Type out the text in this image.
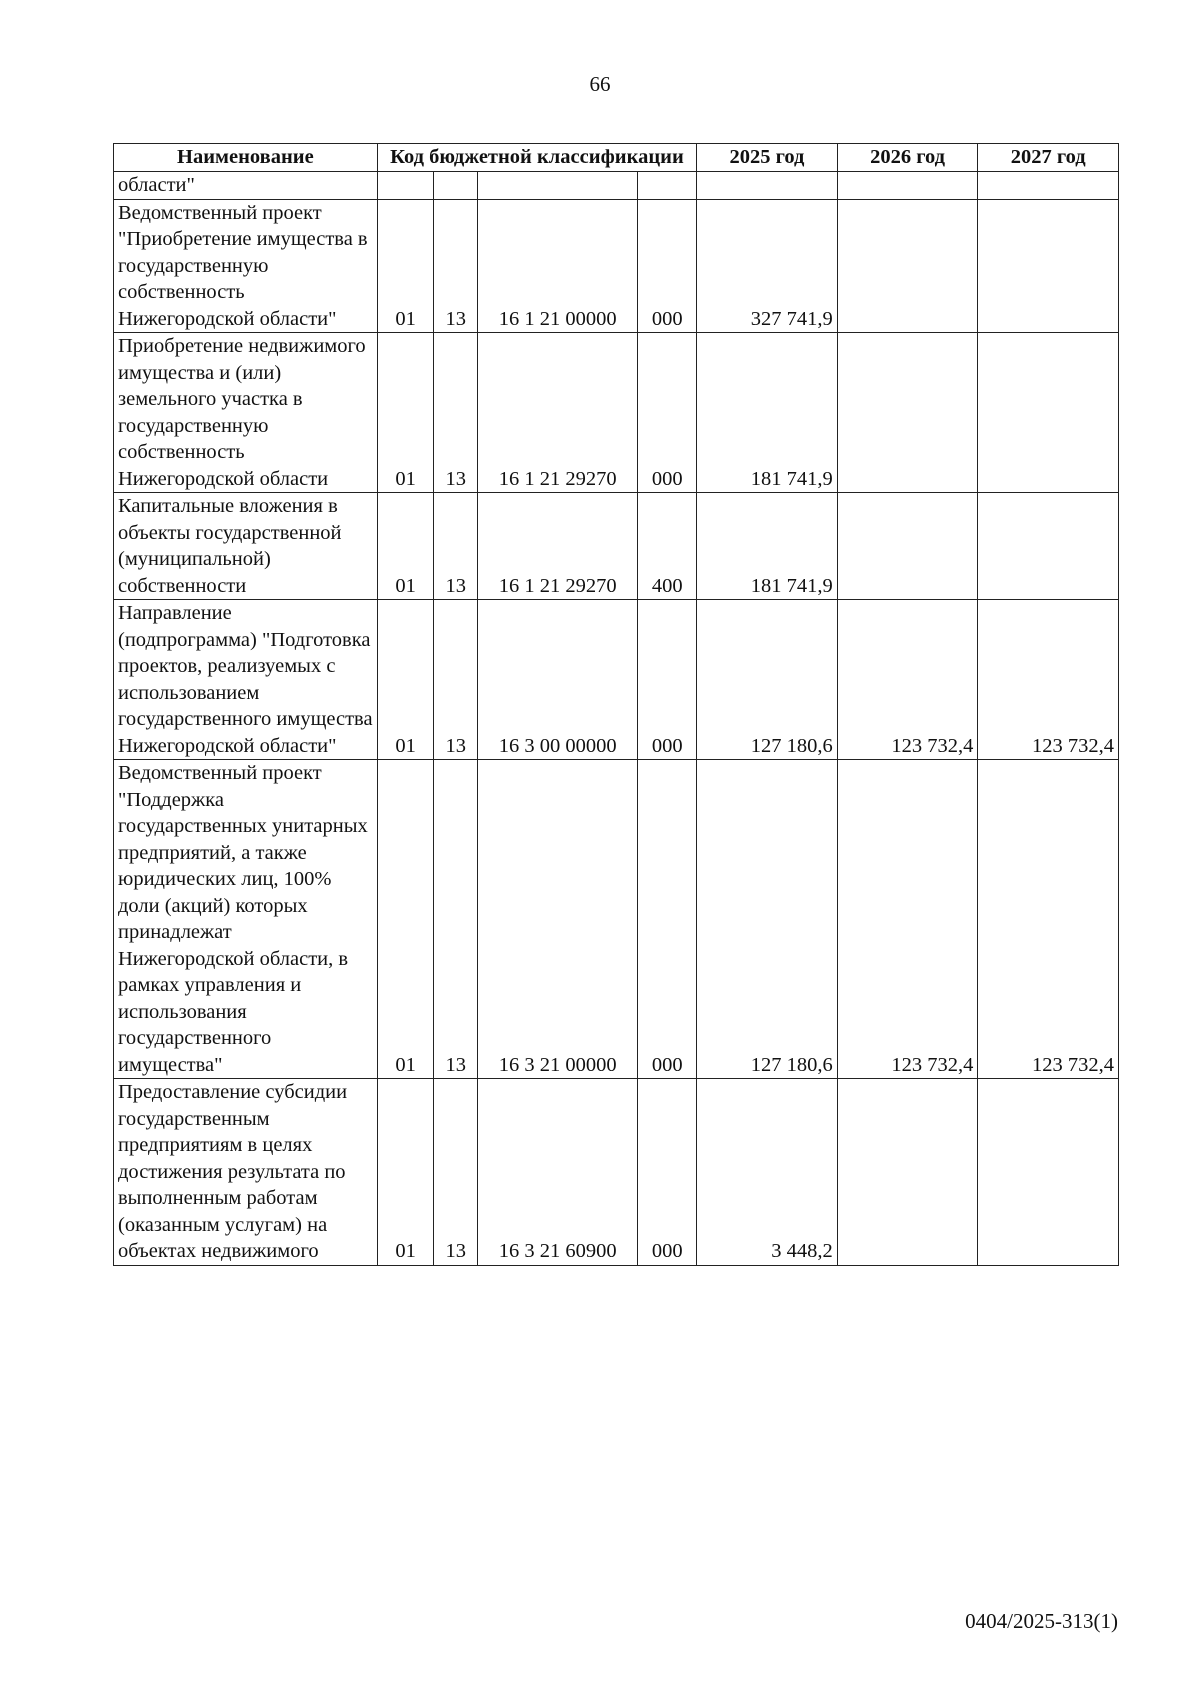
66
Наименование	Код бюджетной классификации				2025 год	2026 год	2027 год
области"							
Ведомственный проект "Приобретение имущества в государственную собственность Нижегородской области"	01	13	16 1 21 00000	000	327 741,9		
Приобретение недвижимого имущества и (или) земельного участка в государственную собственность Нижегородской области	01	13	16 1 21 29270	000	181 741,9		
Капитальные вложения в объекты государственной (муниципальной) собственности	01	13	16 1 21 29270	400	181 741,9		
Направление (подпрограмма) "Подготовка проектов, реализуемых с использованием государственного имущества Нижегородской области"	01	13	16 3 00 00000	000	127 180,6	123 732,4	123 732,4
Ведомственный проект "Поддержка государственных унитарных предприятий, а также юридических лиц, 100% доли (акций) которых принадлежат Нижегородской области, в рамках управления и использования государственного имущества"	01	13	16 3 21 00000	000	127 180,6	123 732,4	123 732,4
Предоставление субсидии государственным предприятиям в целях достижения результата по выполненным работам (оказанным услугам) на объектах недвижимого	01	13	16 3 21 60900	000	3 448,2		
0404/2025-313(1)
